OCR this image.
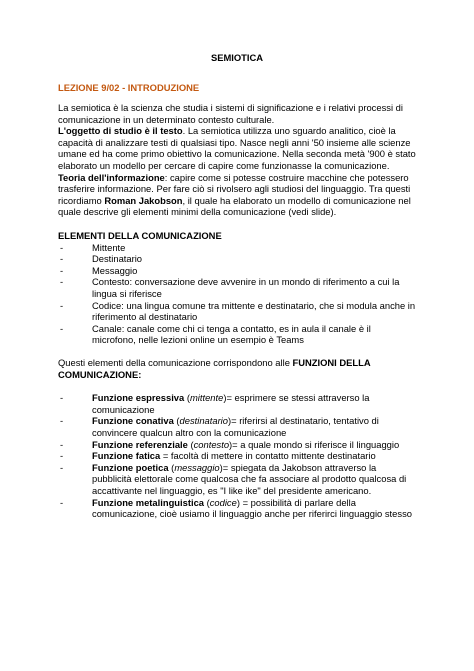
SEMIOTICA
LEZIONE 9/02 - INTRODUZIONE

La semiotica è la scienza che studia i sistemi di significazione e i relativi processi di comunicazione in un determinato contesto culturale.

L'oggetto di studio è il testo. La semiotica utilizza uno sguardo analitico, cioè la capacità di analizzare testi di qualsiasi tipo. Nasce negli anni '50 insieme alle scienze umane ed ha come primo obiettivo la comunicazione. Nella seconda metà '900 è stato elaborato un modello per cercare di capire come funzionasse la comunicazione.

Teoria dell'informazione: capire come si potesse costruire macchine che potessero trasferire informazione. Per fare ciò si rivolsero agli studiosi del linguaggio. Tra questi ricordiamo Roman Jakobson, il quale ha elaborato un modello di comunicazione nel quale descrive gli elementi minimi della comunicazione (vedi slide).

ELEMENTI DELLA COMUNICAZIONE
-	Mittente
-	Destinatario
-	Messaggio
-	Contesto: conversazione deve avvenire in un mondo di riferimento a cui la lingua si riferisce
-	Codice: una lingua comune tra mittente e destinatario, che si modula anche in riferimento al destinatario
-	Canale: canale come chi ci tenga a contatto, es in aula il canale è il microfono, nelle lezioni online un esempio è Teams

Questi elementi della comunicazione corrispondono alle FUNZIONI DELLA COMUNICAZIONE:

-	Funzione espressiva (mittente)= esprimere se stessi attraverso la comunicazione
-	Funzione conativa (destinatario)= riferirsi al destinatario, tentativo di convincere qualcun altro con la comunicazione
-	Funzione referenziale (contesto)= a quale mondo si riferisce il linguaggio
-	Funzione fatica = facoltà di mettere in contatto mittente destinatario
-	Funzione poetica (messaggio)= spiegata da Jakobson attraverso la pubblicità elettorale come qualcosa che fa associare al prodotto qualcosa di accattivante nel linguaggio, es "I like ike" del presidente americano.
-	Funzione metalinguistica (codice) = possibilità di parlare della comunicazione, cioè usiamo il linguaggio anche per riferirci linguaggio stesso
